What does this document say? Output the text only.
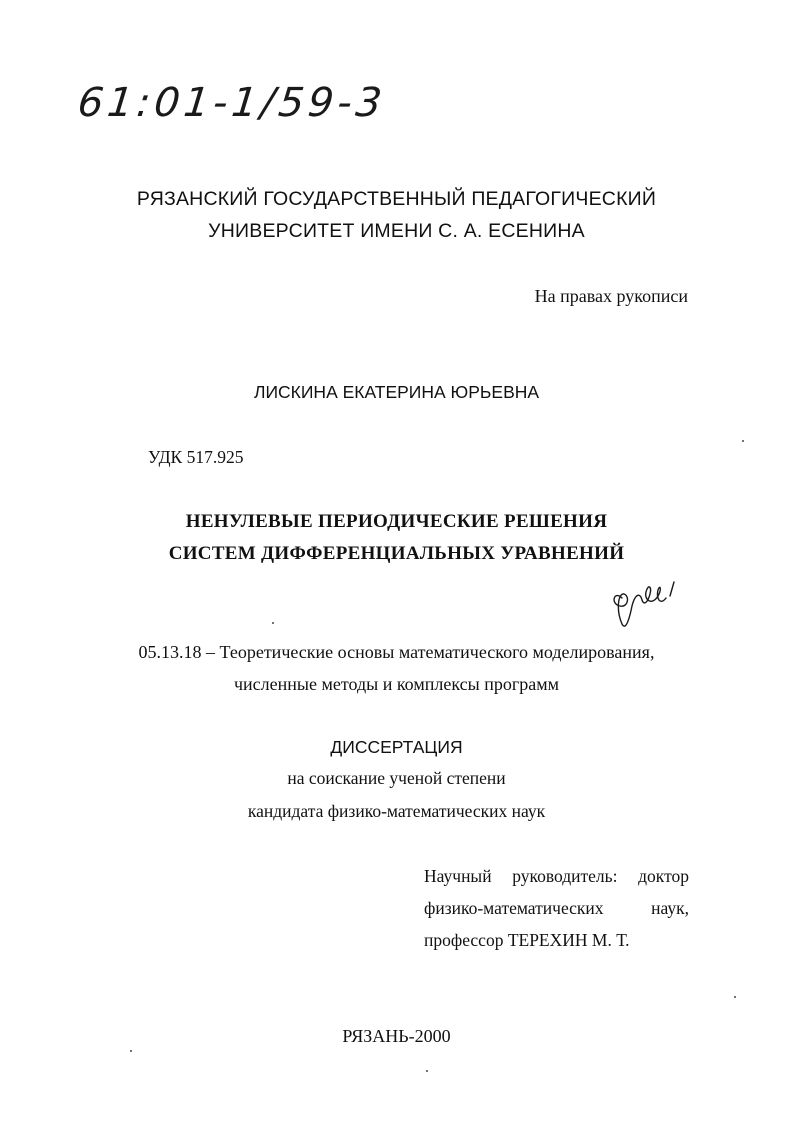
61:01-1/59-3
РЯЗАНСКИЙ ГОСУДАРСТВЕННЫЙ ПЕДАГОГИЧЕСКИЙ
УНИВЕРСИТЕТ ИМЕНИ С. А. ЕСЕНИНА
На правах рукописи
ЛИСКИНА ЕКАТЕРИНА ЮРЬЕВНА
УДК 517.925
НЕНУЛЕВЫЕ ПЕРИОДИЧЕСКИЕ РЕШЕНИЯ
СИСТЕМ ДИФФЕРЕНЦИАЛЬНЫХ УРАВНЕНИЙ
05.13.18 – Теоретические основы математического моделирования,
численные методы и комплексы программ
ДИССЕРТАЦИЯ
на соискание ученой степени
кандидата физико-математических наук
Научный руководитель: доктор
физико-математических	наук,
профессор ТЕРЕХИН М. Т.
РЯЗАНЬ-2000
